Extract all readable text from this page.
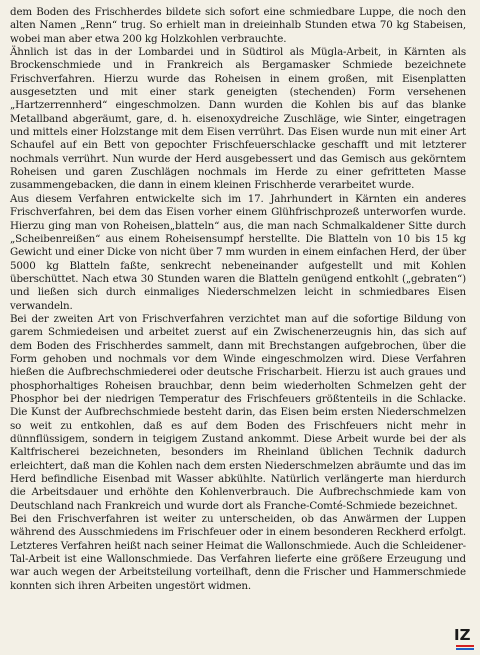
dem Boden des Frischherdes bildete sich sofort eine schmiedbare Luppe, die noch den alten Namen „Renn“ trug. So erhielt man in dreieinhalb Stunden etwa 70 kg Stabeisen, wobei man aber etwa 200 kg Holzkohlen verbrauchte.

Ähnlich ist das in der Lombardei und in Südtirol als Mügla-Arbeit, in Kärnten als Brockenschmiede und in Frankreich als Bergamasker Schmiede bezeichnete Frischverfahren. Hierzu wurde das Roheisen in einem großen, mit Eisenplatten ausgesetzten und mit einer stark geneigten (stechenden) Form versehenen „Hartzerrennherd“ eingeschmolzen. Dann wurden die Kohlen bis auf das blanke Metallband abgeräumt, gare, d. h. eisenoxydreiche Zuschläge, wie Sinter, eingetragen und mittels einer Holzstange mit dem Eisen verrührt. Das Eisen wurde nun mit einer Art Schaufel auf ein Bett von gepochter Frischfeuerschlacke geschafft und mit letzterer nochmals verrührt. Nun wurde der Herd ausgebessert und das Gemisch aus gekörntem Roheisen und garen Zuschlägen nochmals im Herde zu einer gefritteten Masse zusammengebacken, die dann in einem kleinen Frischherde verarbeitet wurde.

Aus diesem Verfahren entwickelte sich im 17. Jahrhundert in Kärnten ein anderes Frischverfahren, bei dem das Eisen vorher einem Glühfrischprozeß unterworfen wurde. Hierzu ging man von Roheisen„blatteln“ aus, die man nach Schmalkaldener Sitte durch „Scheibenreißen“ aus einem Roheisensumpf herstellte. Die Blatteln von 10 bis 15 kg Gewicht und einer Dicke von nicht über 7 mm wurden in einem einfachen Herd, der über 5000 kg Blatteln faßte, senkrecht nebeneinander aufgestellt und mit Kohlen überschüttet. Nach etwa 30 Stunden waren die Blatteln genügend entkohlt („gebraten“) und ließen sich durch einmaliges Niederschmelzen leicht in schmiedbares Eisen verwandeln.

Bei der zweiten Art von Frischverfahren verzichtet man auf die sofortige Bildung von garem Schmiedeisen und arbeitet zuerst auf ein Zwischenerzeugnis hin, das sich auf dem Boden des Frischherdes sammelt, dann mit Brechstangen aufgebrochen, über die Form gehoben und nochmals vor dem Winde eingeschmolzen wird. Diese Verfahren hießen die Aufbrechschmiederei oder deutsche Frischarbeit. Hierzu ist auch graues und phosphorhaltiges Roheisen brauchbar, denn beim wiederholten Schmelzen geht der Phosphor bei der niedrigen Temperatur des Frischfeuers größtenteils in die Schlacke. Die Kunst der Aufbrechschmiede besteht darin, das Eisen beim ersten Niederschmelzen so weit zu entkohlen, daß es auf dem Boden des Frischfeuers nicht mehr in dünnflüssigem, sondern in teigigem Zustand ankommt. Diese Arbeit wurde bei der als Kaltfrischerei bezeichneten, besonders im Rheinland üblichen Technik dadurch erleichtert, daß man die Kohlen nach dem ersten Niederschmelzen abräumte und das im Herd befindliche Eisenbad mit Wasser abkühlte. Natürlich verlängerte man hierdurch die Arbeitsdauer und erhöhte den Kohlenverbrauch. Die Aufbrechschmiede kam von Deutschland nach Frankreich und wurde dort als Franche-Comté-Schmiede bezeichnet.

Bei den Frischverfahren ist weiter zu unterscheiden, ob das Anwärmen der Luppen während des Ausschmiedens im Frischfeuer oder in einem besonderen Reckherd erfolgt. Letzteres Verfahren heißt nach seiner Heimat die Wallonschmiede. Auch die Schleidener-Tal-Arbeit ist eine Wallonschmiede. Das Verfahren lieferte eine größere Erzeugung und war auch wegen der Arbeitsteilung vorteilhaft, denn die Frischer und Hammerschmiede konnten sich ihren Arbeiten ungestört widmen.

IZ
